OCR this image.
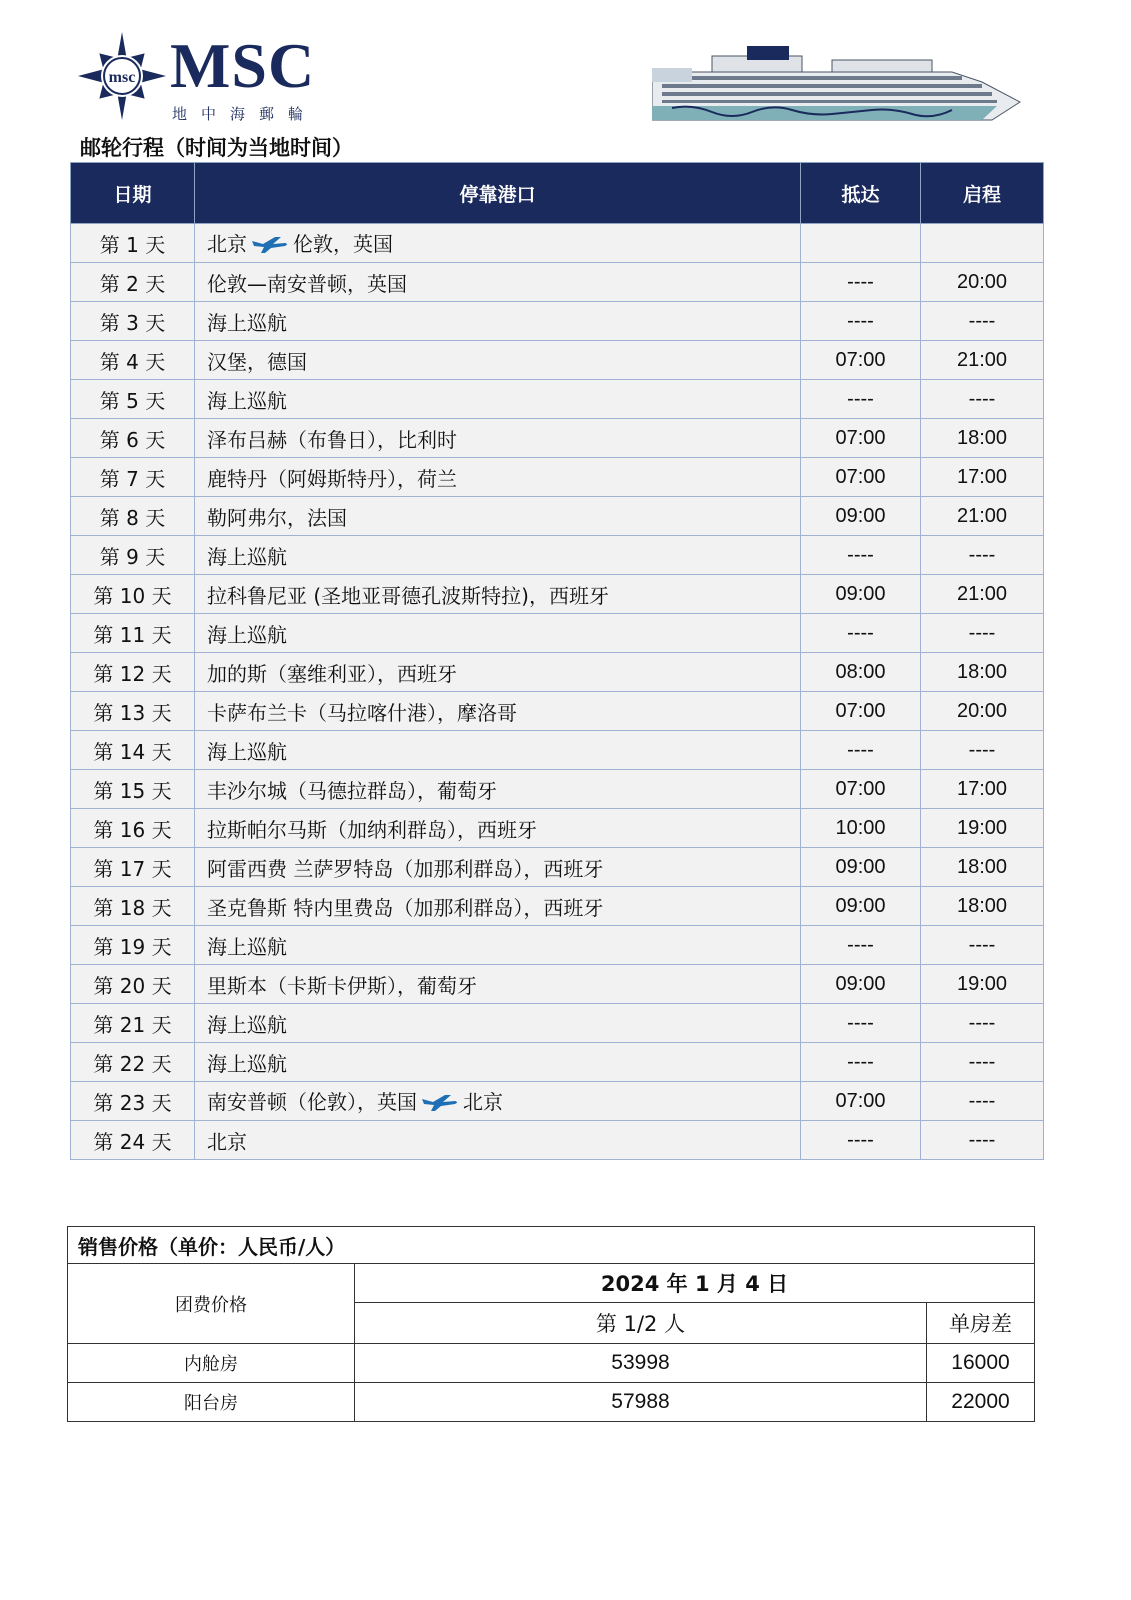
msc MSC
地中海郵輪
邮轮行程（时间为当地时间）
日期	停靠港口	抵达	启程
第 1 天	北京 伦敦，英国		
第 2 天	伦敦—南安普顿，英国	----	20:00
第 3 天	海上巡航	----	----
第 4 天	汉堡，德国	07:00	21:00
第 5 天	海上巡航	----	----
第 6 天	泽布吕赫（布鲁日），比利时	07:00	18:00
第 7 天	鹿特丹（阿姆斯特丹），荷兰	07:00	17:00
第 8 天	勒阿弗尔，法国	09:00	21:00
第 9 天	海上巡航	----	----
第 10 天	拉科鲁尼亚 (圣地亚哥德孔波斯特拉)，西班牙	09:00	21:00
第 11 天	海上巡航	----	----
第 12 天	加的斯（塞维利亚），西班牙	08:00	18:00
第 13 天	卡萨布兰卡（马拉喀什港），摩洛哥	07:00	20:00
第 14 天	海上巡航	----	----
第 15 天	丰沙尔城（马德拉群岛），葡萄牙	07:00	17:00
第 16 天	拉斯帕尔马斯（加纳利群岛），西班牙	10:00	19:00
第 17 天	阿雷西费 兰萨罗特岛（加那利群岛），西班牙	09:00	18:00
第 18 天	圣克鲁斯 特内里费岛（加那利群岛），西班牙	09:00	18:00
第 19 天	海上巡航	----	----
第 20 天	里斯本（卡斯卡伊斯），葡萄牙	09:00	19:00
第 21 天	海上巡航	----	----
第 22 天	海上巡航	----	----
第 23 天	南安普顿（伦敦），英国 北京	07:00	----
第 24 天	北京	----	----
销售价格（单价：人民币/人）		
团费价格	2024 年 1 月 4 日	
	第 1/2 人	单房差
内舱房	53998	16000
阳台房	57988	22000
